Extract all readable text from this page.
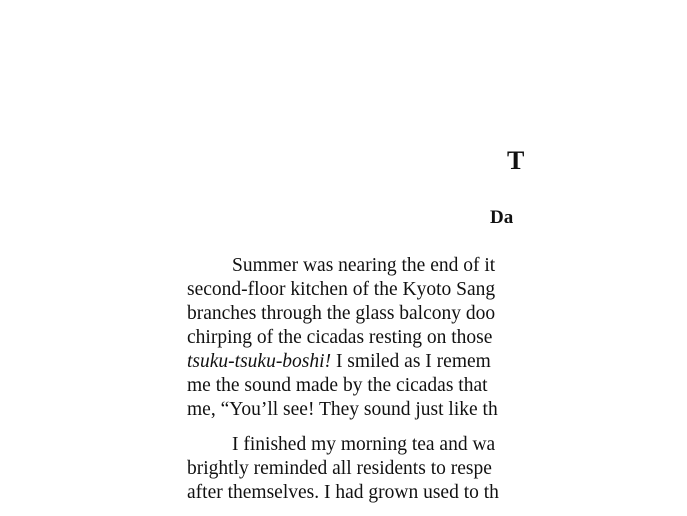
T
Da
Summer was nearing the end of it
second-floor kitchen of the Kyoto Sang
branches through the glass balcony doo
chirping of the cicadas resting on those
tsuku-tsuku-boshi! I smiled as I remem
me the sound made by the cicadas that
me, “You’ll see! They sound just like th
I finished my morning tea and wa
brightly reminded all residents to respe
after themselves. I had grown used to th
